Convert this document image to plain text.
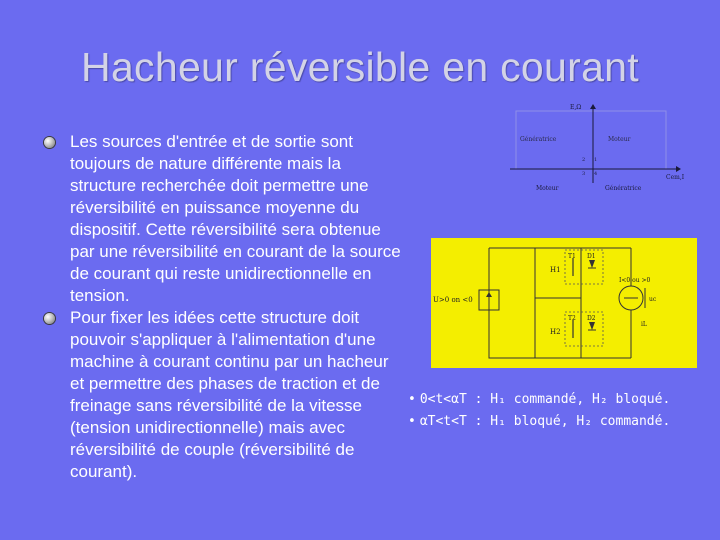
Hacheur réversible en courant
Les sources d'entrée et de sortie sont
toujours de nature différente mais la
structure recherchée doit permettre une
réversibilité en puissance moyenne du
dispositif. Cette réversibilité sera obtenue
par une réversibilité en courant de la source
de courant qui reste unidirectionnelle en
tension.
Pour fixer les idées cette structure doit
pouvoir s'appliquer à l'alimentation d'une
machine à courant continu par un hacheur
et permettre des phases de traction et de
freinage sans réversibilité de la vitesse
(tension unidirectionnelle) mais avec
réversibilité de couple (réversibilité de
courant).
E,Ω
Cem,I
Génératrice	Moteur
Moteur	Génératrice
2 1
3 4
U>0 on <0
H1
H2
T1 D1
T2 D2
I<0 ou >0
uc
iL
• 0<t<αT : H₁ commandé, H₂ bloqué.
• αT<t<T : H₁ bloqué, H₂ commandé.
